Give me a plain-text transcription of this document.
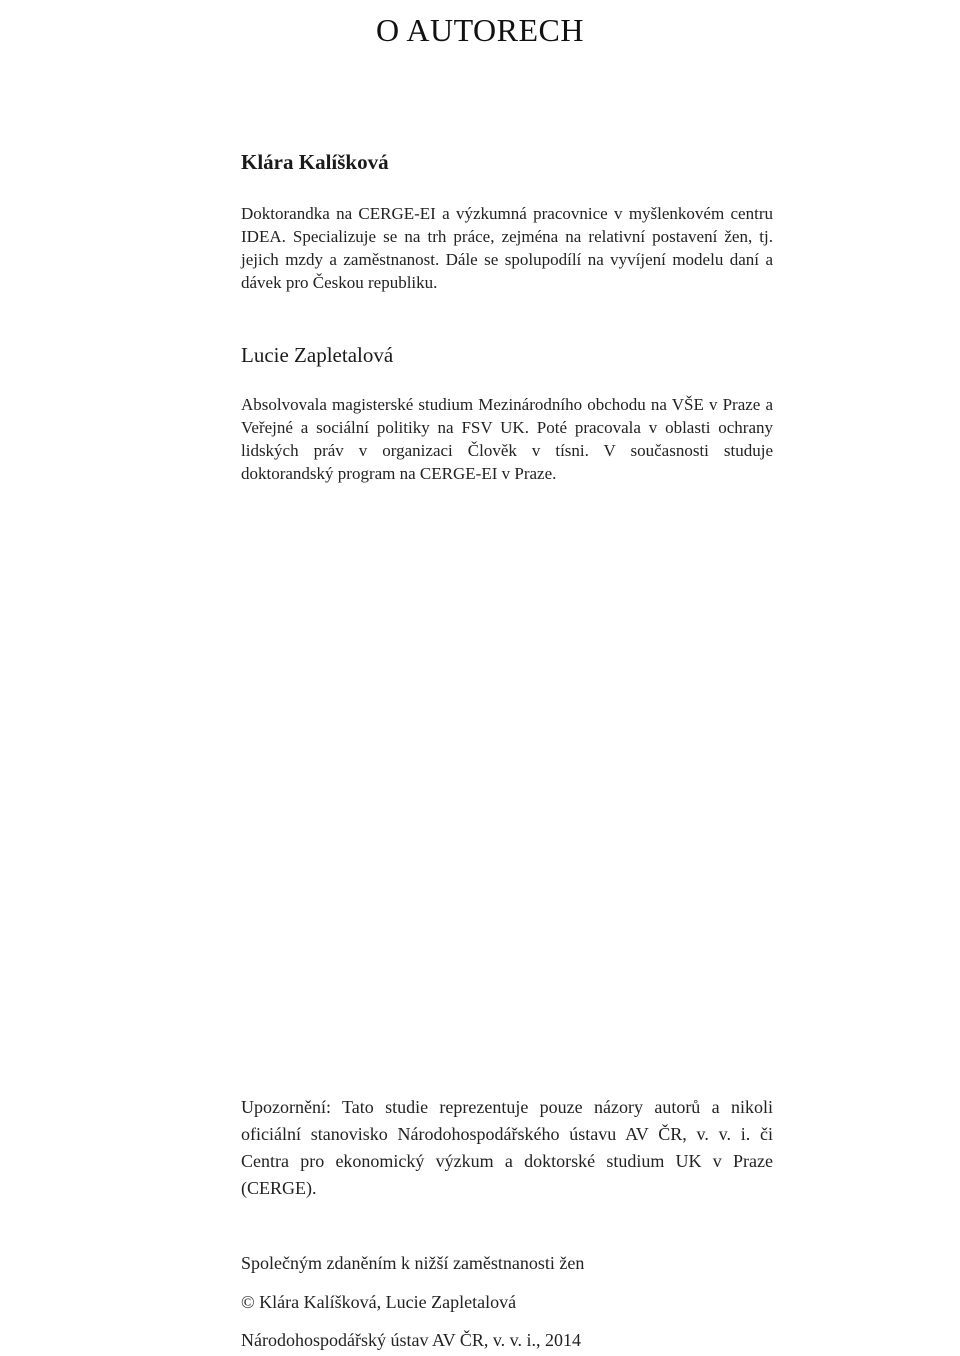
O AUTORECH
Klára Kalíšková

Doktorandka na CERGE-EI a výzkumná pracovnice v myšlenkovém centru IDEA. Specializuje se na trh práce, zejména na relativní postavení žen, tj. jejich mzdy a zaměstnanost. Dále se spolupodílí na vyvíjení modelu daní a dávek pro Českou republiku.

Lucie Zapletalová

Absolvovala magisterské studium Mezinárodního obchodu na VŠE v Praze a Veřejné a sociální politiky na FSV UK. Poté pracovala v oblasti ochrany lidských práv v organizaci Člověk v tísni. V současnosti studuje doktorandský program na CERGE-EI v Praze.

Upozornění: Tato studie reprezentuje pouze názory autorů a nikoli oficiální stanovisko Národohospodářského ústavu AV ČR, v. v. i. či Centra pro ekonomický výzkum a doktorské studium UK v Praze (CERGE).

Společným zdaněním k nižší zaměstnanosti žen

© Klára Kalíšková, Lucie Zapletalová

Národohospodářský ústav AV ČR, v. v. i., 2014
